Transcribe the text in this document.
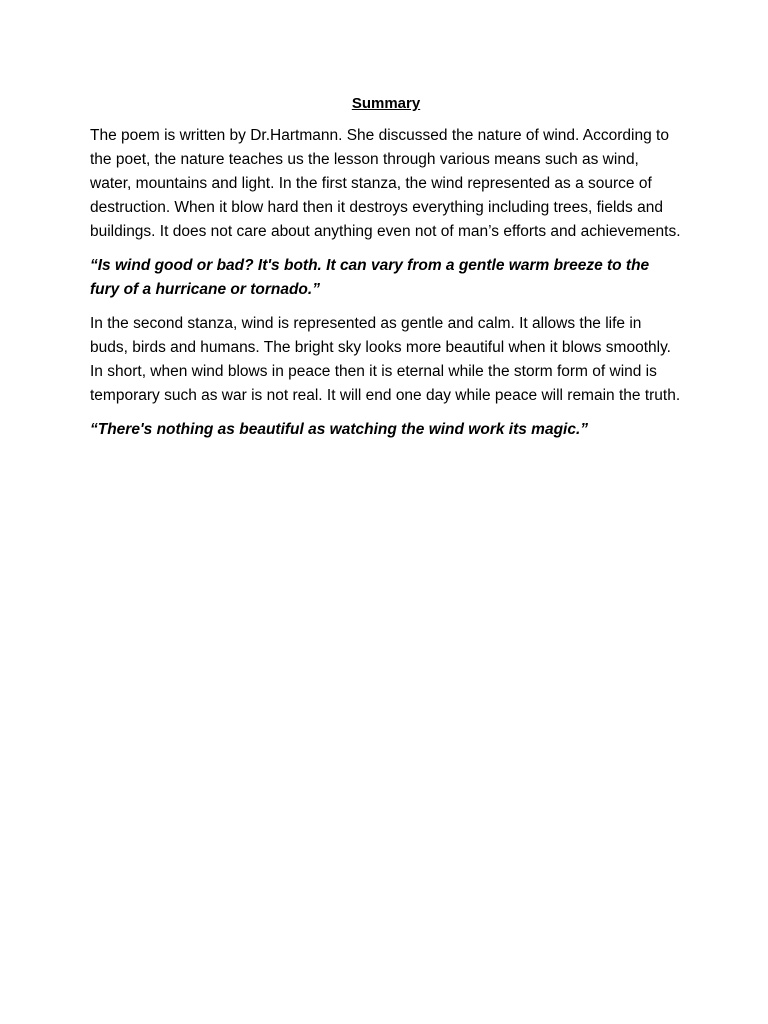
Summary

The poem is written by Dr.Hartmann. She discussed the nature of wind. According to the poet, the nature teaches us the lesson through various means such as wind, water, mountains and light. In the first stanza, the wind represented as a source of destruction. When it blow hard then it destroys everything including trees, fields and buildings. It does not care about anything even not of man’s efforts and achievements.

“Is wind good or bad? It's both. It can vary from a gentle warm breeze to the fury of a hurricane or tornado.”

In the second stanza, wind is represented as gentle and calm. It allows the life in buds, birds and humans. The bright sky looks more beautiful when it blows smoothly. In short, when wind blows in peace then it is eternal while the storm form of wind is temporary such as war is not real. It will end one day while peace will remain the truth.

“There's nothing as beautiful as watching the wind work its magic.”
